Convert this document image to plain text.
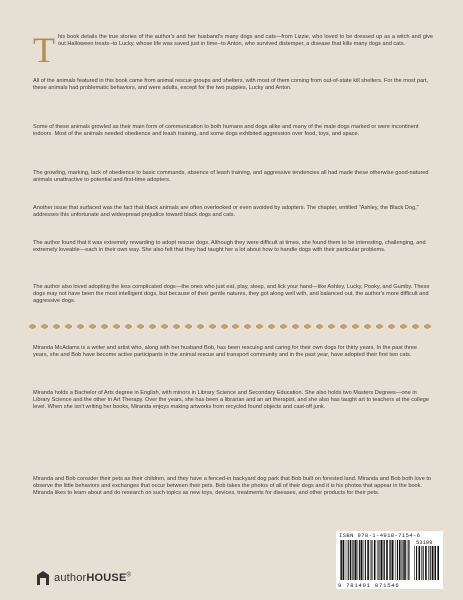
T his book details the true stories of the author's and her husband's many dogs and cats—from Lizzie, who loved to be dressed up as a witch and give out Halloween treats--to Lucky, whose life was saved just in time--to Anton, who survived distemper, a disease that kills many dogs and cats.
All of the animals featured in this book came from animal rescue groups and shelters, with most of them coming from out-of-state kill shelters. For the most part, these animals had problematic behaviors, and were adults, except for the two puppies, Lucky and Anton.
Some of these animals growled as their main form of communication to both humans and dogs alike and many of the male dogs marked or were incontinent indoors. Most of the animals needed obedience and leash training, and some dogs exhibited aggression over food, toys, and space.
The growling, marking, lack of obedience to basic commands, absence of leash training, and aggressive tendencies all had made these otherwise good-natured animals unattractive to potential and first-time adopters.
Another issue that surfaced was the fact that black animals are often overlooked or even avoided by adopters. The chapter, entitled "Ashley, the Black Dog," addresses this unfortunate and widespread prejudice toward black dogs and cats.
The author found that it was extremely rewarding to adopt rescue dogs. Although they were difficult at times, she found them to be interesting, challenging, and extremely loveable—each in their own way. She also felt that they had taught her a lot about how to handle dogs with their particular problems.
The author also loved adopting the less complicated dogs—the ones who just eat, play, sleep, and lick your hand—like Ashley, Lucky, Pooky, and Gumby. These dogs may not have been the most intelligent dogs, but because of their gentle natures, they got along well with, and balanced out, the author's more difficult and aggressive dogs.
Miranda McAdams is a writer and artist who, along with her husband Bob, has been rescuing and caring for their own dogs for thirty years. In the past three years, she and Bob have become active participants in the animal rescue and transport community and in the past year, have adopted their first two cats.
Miranda holds a Bachelor of Arts degree in English, with minors in Library Science and Secondary Education. She also holds two Masters Degrees—one in Library Science and the other in Art Therapy. Over the years, she has been a librarian and an art therapist, and she also has taught art to teachers at the college level. When she isn't writing her books, Miranda enjoys making artworks from recycled found objects and cast-off junk.
Miranda and Bob consider their pets as their children, and they have a fenced-in backyard dog park that Bob built on forested land. Miranda and Bob both love to observe the little behaviors and exchanges that occur between their pets. Bob takes the photos of all of their dogs and it is his photos that appear in the book. Miranda likes to learn about and do research on such topics as new toys, devices, treatments for diseases, and other products for their pets.
authorHOUSE®
ISBN 978-1-4918-7154-6
53199
9 781491 871546
